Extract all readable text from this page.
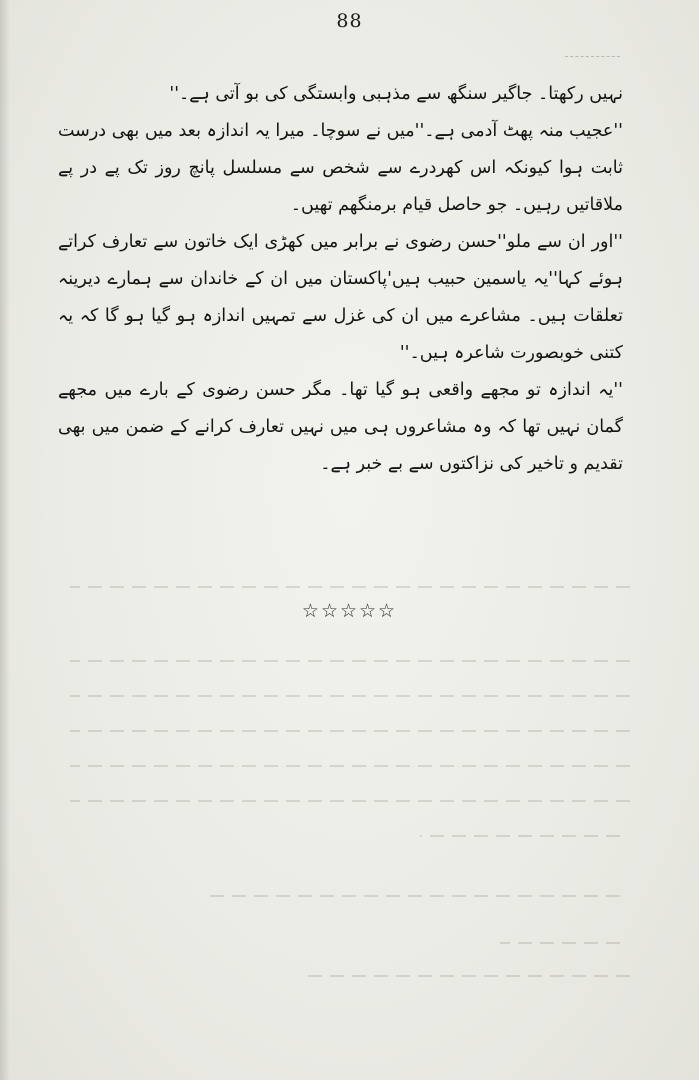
88

نہیں رکھتا۔ جاگیر سنگھ سے مذہبی وابستگی کی بو آتی ہے۔''

''عجیب منہ پھٹ آدمی ہے۔''میں نے سوچا۔ میرا یہ اندازہ بعد میں بھی درست ثابت ہوا کیونکہ اس کھردرے سے شخص سے مسلسل پانچ روز تک پے در پے ملاقاتیں رہیں۔ جو حاصل قیام برمنگھم تھیں۔

''اور ان سے ملو''حسن رضوی نے برابر میں کھڑی ایک خاتون سے تعارف کراتے ہوئے کہا''یہ یاسمین حبیب ہیں'پاکستان میں ان کے خاندان سے ہمارے دیرینہ تعلقات ہیں۔ مشاعرے میں ان کی غزل سے تمہیں اندازہ ہو گیا ہو گا کہ یہ کتنی خوبصورت شاعرہ ہیں۔''

''یہ اندازہ تو مجھے واقعی ہو گیا تھا۔ مگر حسن رضوی کے بارے میں مجھے گمان نہیں تھا کہ وہ مشاعروں ہی میں نہیں تعارف کرانے کے ضمن میں بھی تقدیم و تاخیر کی نزاکتوں سے بے خبر ہے۔

☆☆☆☆☆
